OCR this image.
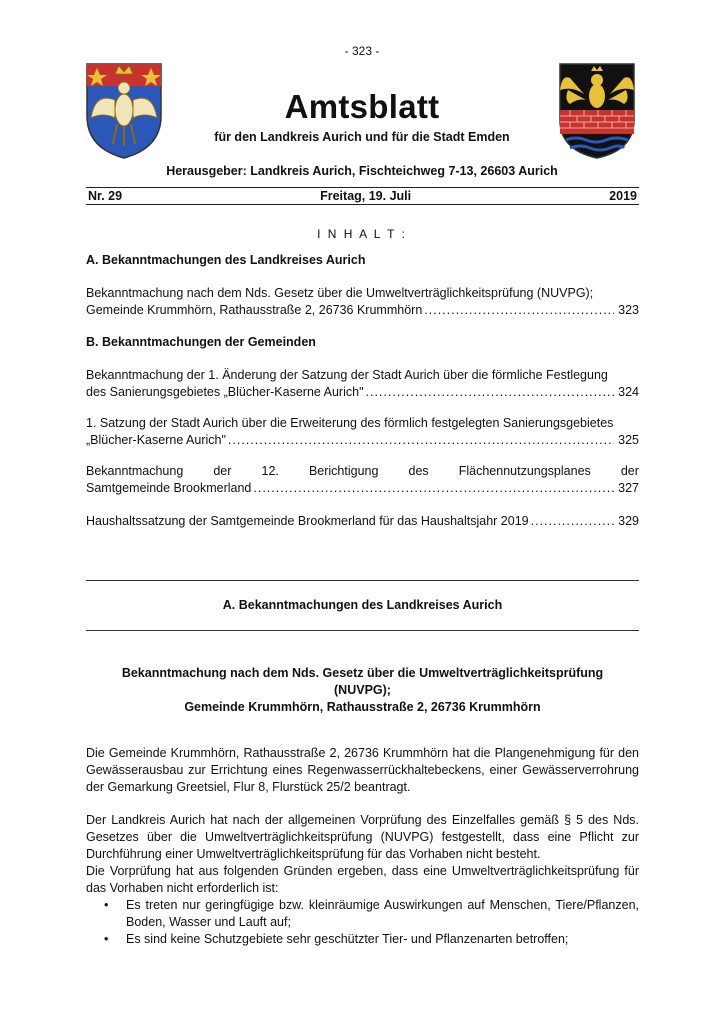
- 323 -
Amtsblatt
für den Landkreis Aurich und für die Stadt Emden
Herausgeber: Landkreis Aurich, Fischteichweg 7-13, 26603 Aurich
Nr. 29	Freitag, 19. Juli	2019
I N H A L T :
A. Bekanntmachungen des Landkreises Aurich
Bekanntmachung nach dem Nds. Gesetz über die Umweltverträglichkeitsprüfung (NUVPG);
Gemeinde Krummhörn, Rathausstraße 2, 26736 Krummhörn .....	323
B. Bekanntmachungen der Gemeinden
Bekanntmachung der 1. Änderung der Satzung der Stadt Aurich über die förmliche Festlegung
des Sanierungsgebietes „Blücher-Kaserne Aurich" .....	324
1. Satzung der Stadt Aurich über die Erweiterung des förmlich festgelegten Sanierungsgebietes
„Blücher-Kaserne Aurich" .....	325
Bekanntmachung der 12. Berichtigung des Flächennutzungsplanes der
Samtgemeinde Brookmerland .....	327
Haushaltssatzung der Samtgemeinde Brookmerland für das Haushaltsjahr 2019 .....	329
A. Bekanntmachungen des Landkreises Aurich
Bekanntmachung nach dem Nds. Gesetz über die Umweltverträglichkeitsprüfung
(NUVPG);
Gemeinde Krummhörn, Rathausstraße 2, 26736 Krummhörn
Die Gemeinde Krummhörn, Rathausstraße 2, 26736 Krummhörn hat die Plangenehmigung für den Gewässerausbau zur Errichtung eines Regenwasserrückhaltebeckens, einer Gewässerverrohrung der Gemarkung Greetsiel, Flur 8, Flurstück 25/2 beantragt.
Der Landkreis Aurich hat nach der allgemeinen Vorprüfung des Einzelfalles gemäß § 5 des Nds. Gesetzes über die Umweltverträglichkeitsprüfung (NUVPG) festgestellt, dass eine Pflicht zur Durchführung einer Umweltverträglichkeitsprüfung für das Vorhaben nicht besteht.
Die Vorprüfung hat aus folgenden Gründen ergeben, dass eine Umweltverträglichkeitsprüfung für das Vorhaben nicht erforderlich ist:
• Es treten nur geringfügige bzw. kleinräumige Auswirkungen auf Menschen, Tiere/Pflanzen, Boden, Wasser und Lauft auf;
• Es sind keine Schutzgebiete sehr geschützter Tier- und Pflanzenarten betroffen;
